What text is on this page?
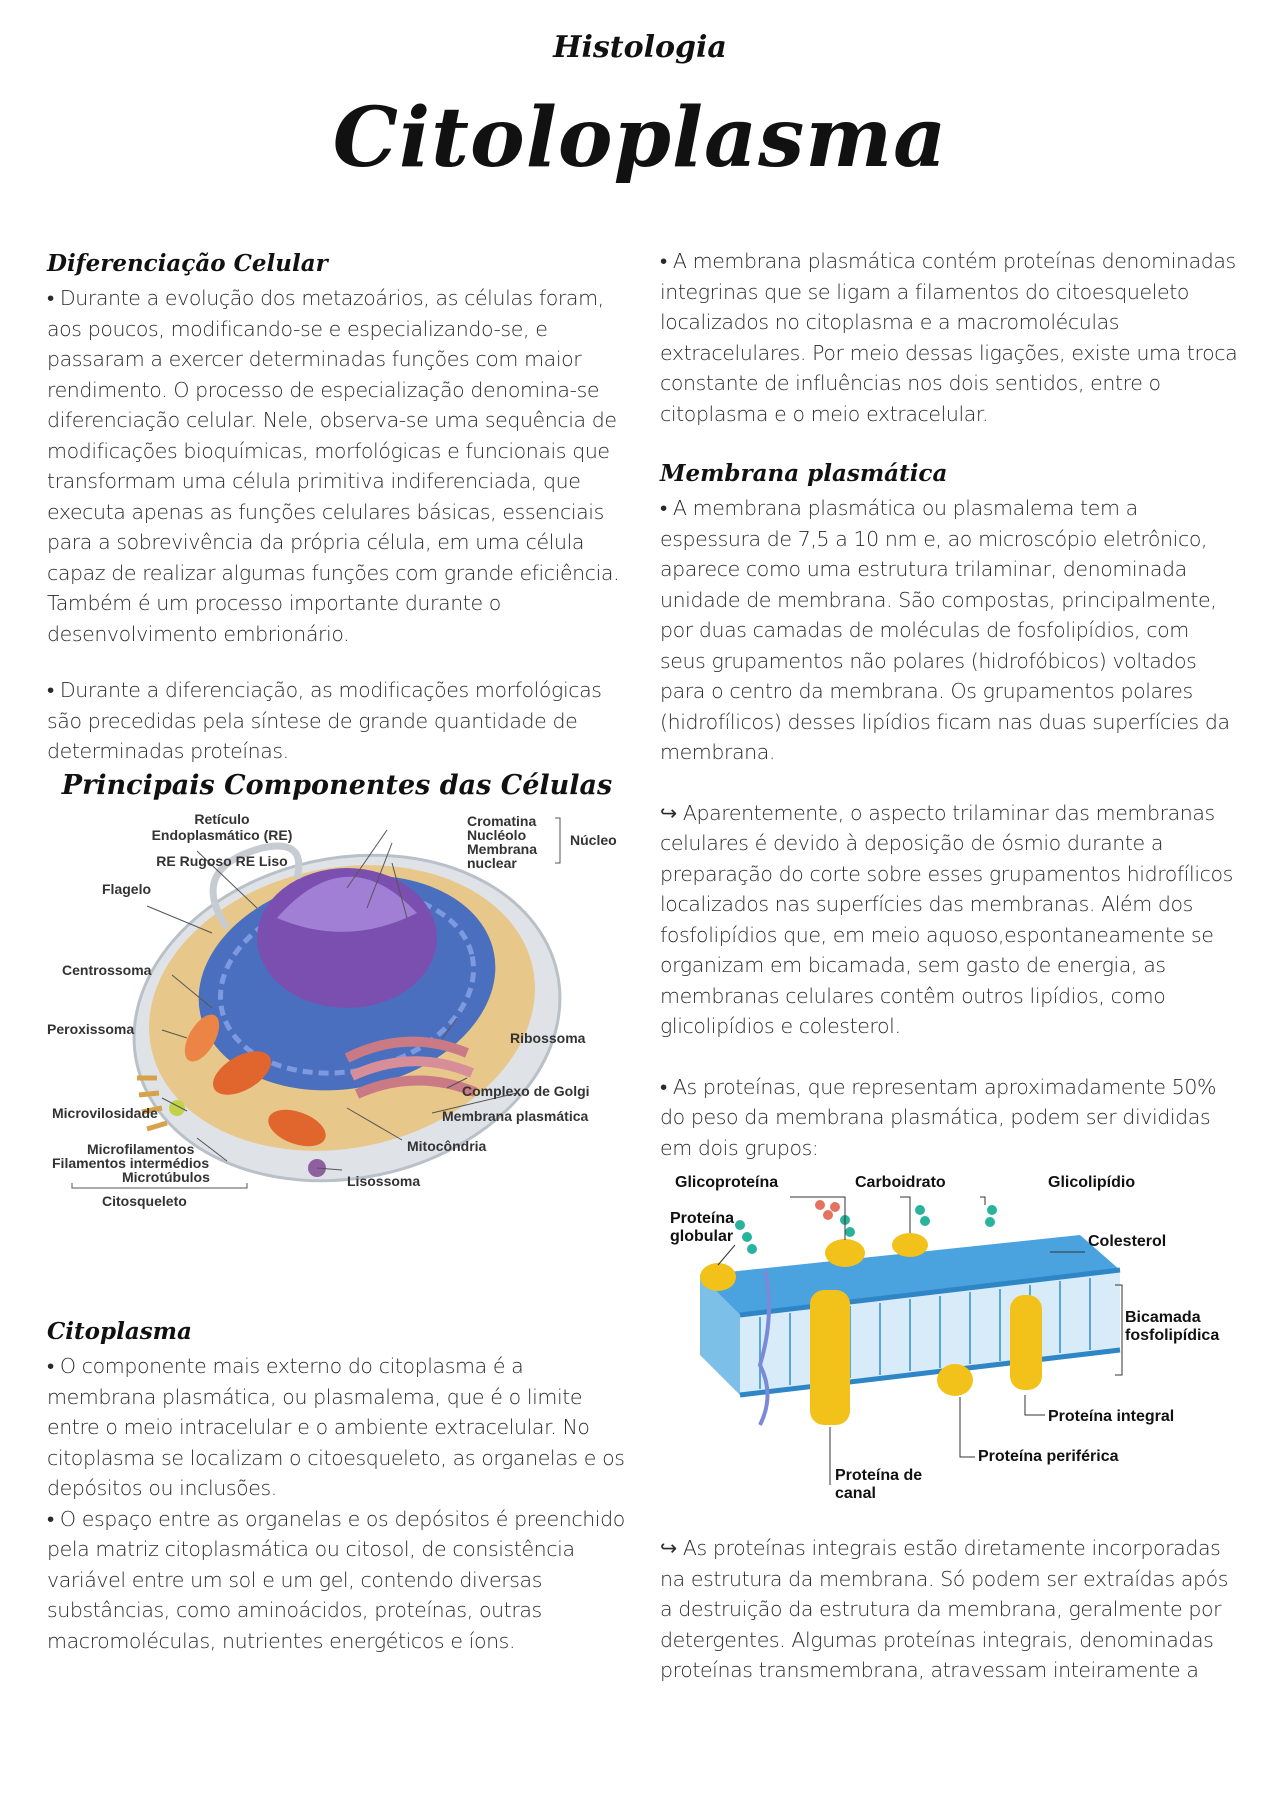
Histologia
Citoloplasma
Diferenciação Celular

• Durante a evolução dos metazoários, as células foram, aos poucos, modificando-se e especializando-se, e passaram a exercer determinadas funções com maior rendimento. O processo de especialização denomina-se diferenciação celular. Nele, observa-se uma sequência de modificações bioquímicas, morfológicas e funcionais que transformam uma célula primitiva indiferenciada, que executa apenas as funções celulares básicas, essenciais para a sobrevivência da própria célula, em uma célula capaz de realizar algumas funções com grande eficiência. Também é um processo importante durante o desenvolvimento embrionário.

• Durante a diferenciação, as modificações morfológicas são precedidas pela síntese de grande quantidade de determinadas proteínas.

Principais Componentes das Células
Retículo
Endoplasmático (RE)
RE Rugoso RE Liso
Flagelo
Centrossoma
Peroxissoma
Microvilosidade
Microfilamentos
Filamentos intermédios
Microtúbulos
Citosqueleto
Cromatina
Nucléolo
Membrana
nuclear
Núcleo
Ribossoma
Complexo de Golgi
Membrana plasmática
Mitocôndria
Lisossoma
Citoplasma

• O componente mais externo do citoplasma é a membrana plasmática, ou plasmalema, que é o limite entre o meio intracelular e o ambiente extracelular. No citoplasma se localizam o citoesqueleto, as organelas e os depósitos ou inclusões.

• O espaço entre as organelas e os depósitos é preenchido pela matriz citoplasmática ou citosol, de consistência variável entre um sol e um gel, contendo diversas substâncias, como aminoácidos, proteínas, outras macromoléculas, nutrientes energéticos e íons.

• A membrana plasmática contém proteínas denominadas integrinas que se ligam a filamentos do citoesqueleto localizados no citoplasma e a macromoléculas extracelulares. Por meio dessas ligações, existe uma troca constante de influências nos dois sentidos, entre o citoplasma e o meio extracelular.

Membrana plasmática

• A membrana plasmática ou plasmalema tem a espessura de 7,5 a 10 nm e, ao microscópio eletrônico, aparece como uma estrutura trilaminar, denominada unidade de membrana. São compostas, principalmente, por duas camadas de moléculas de fosfolipídios, com seus grupamentos não polares (hidrofóbicos) voltados para o centro da membrana. Os grupamentos polares (hidrofílicos) desses lipídios ficam nas duas superfícies da membrana.

↪ Aparentemente, o aspecto trilaminar das membranas celulares é devido à deposição de ósmio durante a preparação do corte sobre esses grupamentos hidrofílicos localizados nas superfícies das membranas. Além dos fosfolipídios que, em meio aquoso,espontaneamente se organizam em bicamada, sem gasto de energia, as membranas celulares contêm outros lipídios, como glicolipídios e colesterol.

• As proteínas, que representam aproximadamente 50% do peso da membrana plasmática, podem ser divididas em dois grupos:

Glicoproteína	Carboidrato	Glicolipídio
Proteína
globular	Colesterol
Bicamada
fosfolipídica
Proteína integral
Proteína periférica
Proteína de
canal

↪ As proteínas integrais estão diretamente incorporadas na estrutura da membrana. Só podem ser extraídas após a destruição da estrutura da membrana, geralmente por detergentes. Algumas proteínas integrais, denominadas proteínas transmembrana, atravessam inteiramente a
